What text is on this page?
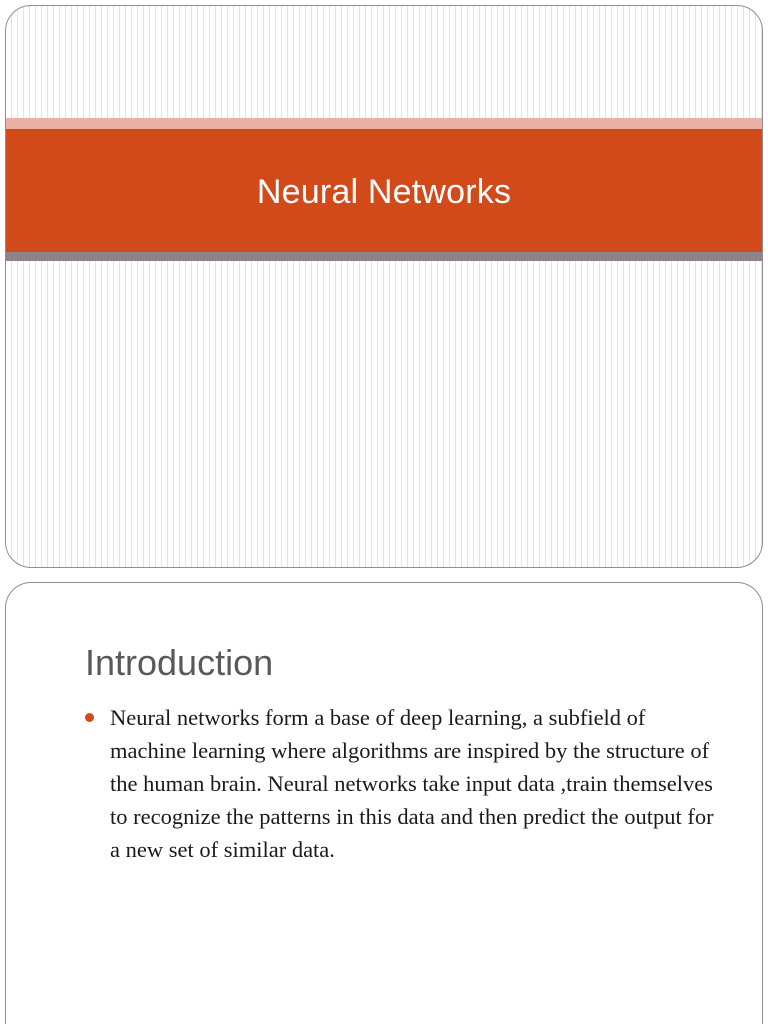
Neural Networks
Introduction
Neural networks form a base of deep learning, a subfield of machine learning where algorithms are inspired by the structure of the human brain. Neural networks take input data ,train themselves to recognize the patterns in this data and then predict the output for a new set of similar data.
